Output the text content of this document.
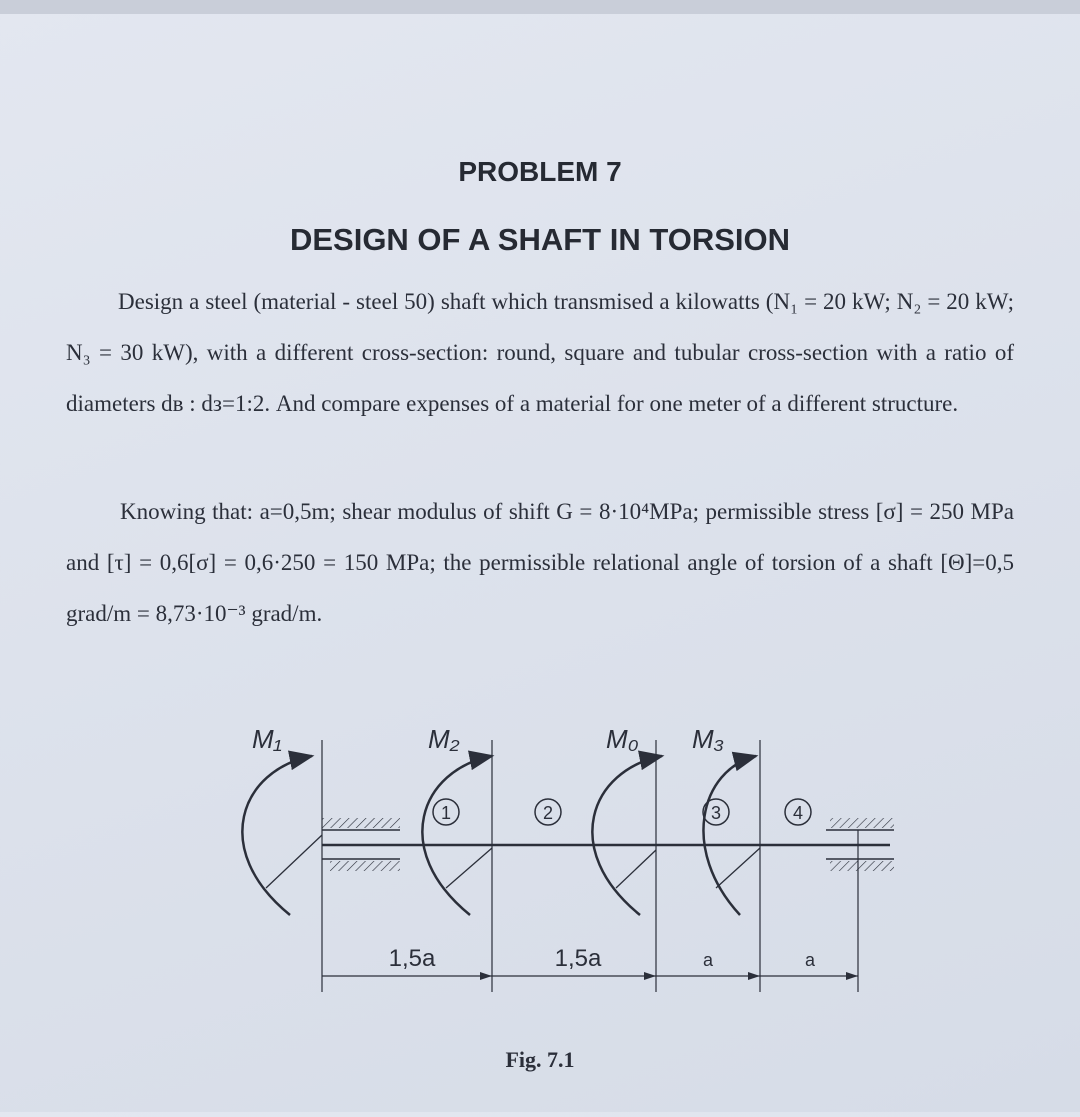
PROBLEM 7
DESIGN OF A SHAFT IN TORSION

Design a steel (material - steel 50) shaft which transmised a kilowatts (N₁ = 20 kW; N₂ = 20 kW; N₃ = 30 kW), with a different cross-section: round, square and tubular cross-section with a ratio of diameters dв : dз=1:2. And compare expenses of a material for one meter of a different structure.

Knowing that: a=0,5m; shear modulus of shift G = 8·10⁴MPa; permissible stress [σ] = 250 MPa and [τ] = 0,6[σ] = 0,6·250 = 150 MPa; the permissible relational angle of torsion of a shaft [Θ]=0,5 grad/m = 8,73·10⁻³ grad/m.

M₁	M₂	M₀ M₃
1	2	3	4
1,5a	1,5a	a	a
Fig. 7.1
